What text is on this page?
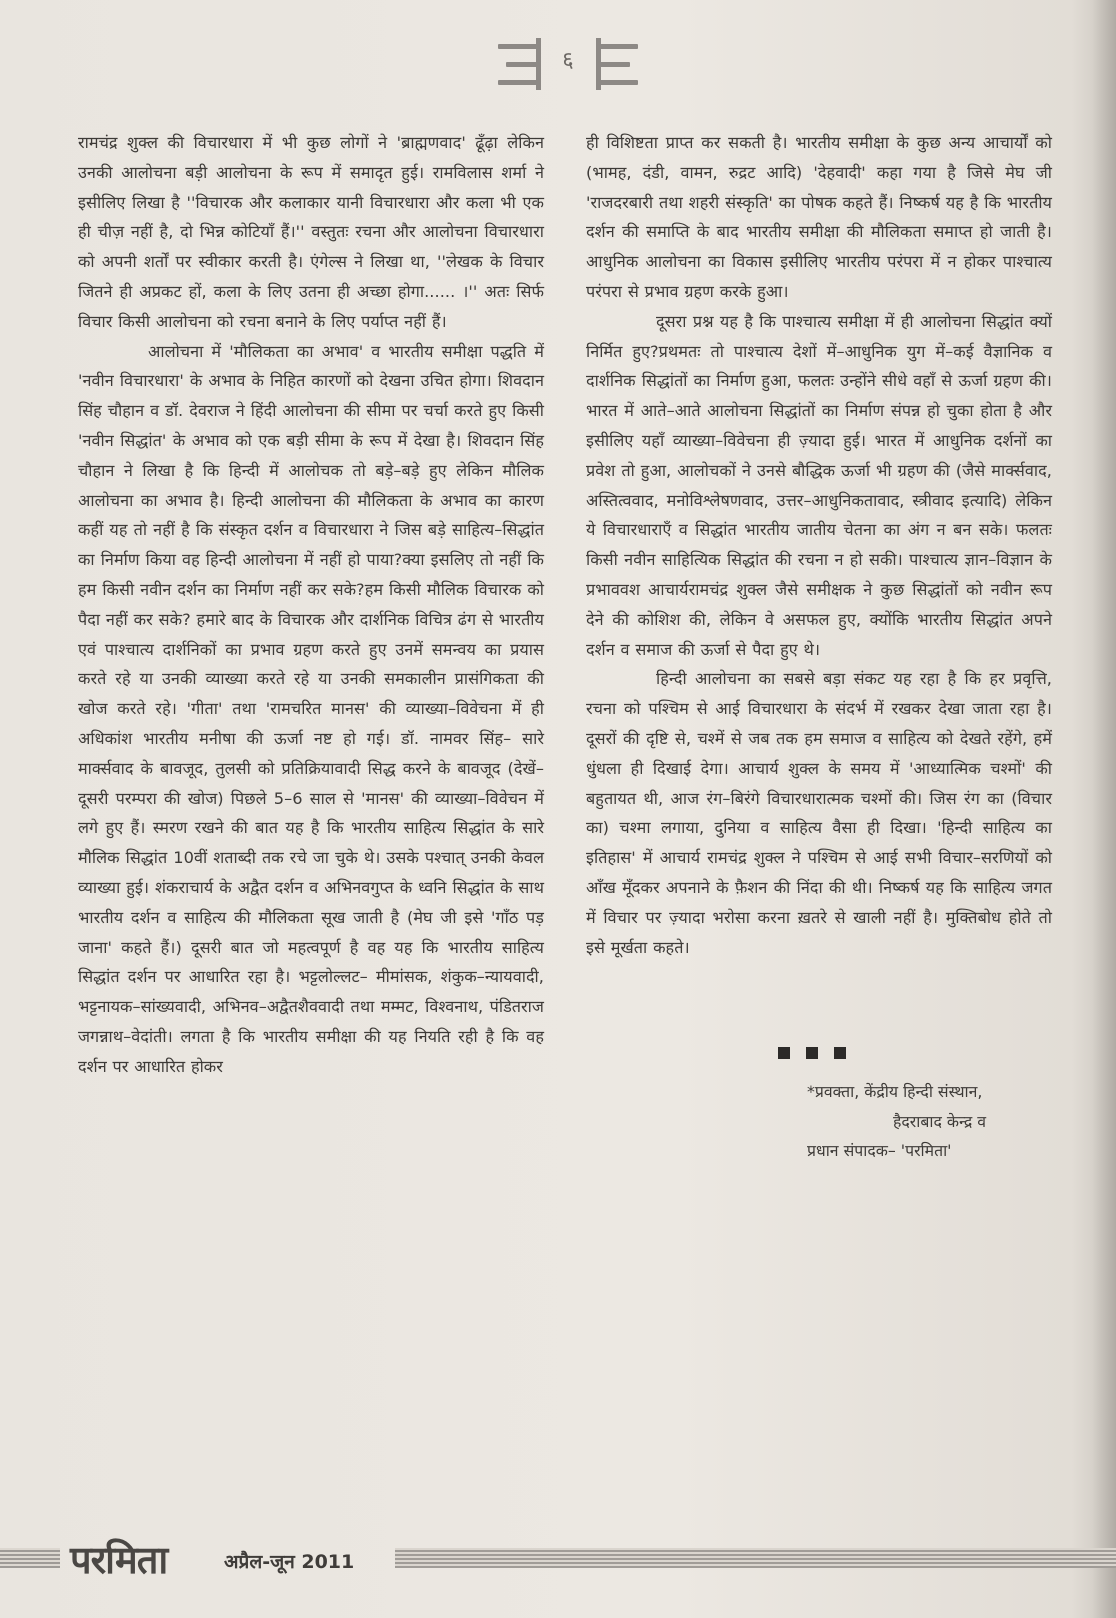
६

रामचंद्र शुक्ल की विचारधारा में भी कुछ लोगों ने 'ब्राह्मणवाद' ढूँढ़ा लेकिन उनकी आलोचना बड़ी आलोचना के रूप में समादृत हुई। रामविलास शर्मा ने इसीलिए लिखा है ''विचारक और कलाकार यानी विचारधारा और कला भी एक ही चीज़ नहीं है, दो भिन्न कोटियाँ हैं।'' वस्तुतः रचना और आलोचना विचारधारा को अपनी शर्तों पर स्वीकार करती है। एंगेल्स ने लिखा था, ''लेखक के विचार जितने ही अप्रकट हों, कला के लिए उतना ही अच्छा होगा...... ।'' अतः सिर्फ विचार किसी आलोचना को रचना बनाने के लिए पर्याप्त नहीं हैं।

आलोचना में 'मौलिकता का अभाव' व भारतीय समीक्षा पद्धति में 'नवीन विचारधारा' के अभाव के निहित कारणों को देखना उचित होगा। शिवदान सिंह चौहान व डॉ. देवराज ने हिंदी आलोचना की सीमा पर चर्चा करते हुए किसी 'नवीन सिद्धांत' के अभाव को एक बड़ी सीमा के रूप में देखा है। शिवदान सिंह चौहान ने लिखा है कि हिन्दी में आलोचक तो बड़े–बड़े हुए लेकिन मौलिक आलोचना का अभाव है। हिन्दी आलोचना की मौलिकता के अभाव का कारण कहीं यह तो नहीं है कि संस्कृत दर्शन व विचारधारा ने जिस बड़े साहित्य–सिद्धांत का निर्माण किया वह हिन्दी आलोचना में नहीं हो पाया?क्या इसलिए तो नहीं कि हम किसी नवीन दर्शन का निर्माण नहीं कर सके?हम किसी मौलिक विचारक को पैदा नहीं कर सके? हमारे बाद के विचारक और दार्शनिक विचित्र ढंग से भारतीय एवं पाश्चात्य दार्शनिकों का प्रभाव ग्रहण करते हुए उनमें समन्वय का प्रयास करते रहे या उनकी व्याख्या करते रहे या उनकी समकालीन प्रासंगिकता की खोज करते रहे। 'गीता' तथा 'रामचरित मानस' की व्याख्या–विवेचना में ही अधिकांश भारतीय मनीषा की ऊर्जा नष्ट हो गई। डॉ. नामवर सिंह– सारे मार्क्सवाद के बावजूद, तुलसी को प्रतिक्रियावादी सिद्ध करने के बावजूद (देखें– दूसरी परम्परा की खोज) पिछले 5–6 साल से 'मानस' की व्याख्या–विवेचन में लगे हुए हैं। स्मरण रखने की बात यह है कि भारतीय साहित्य सिद्धांत के सारे मौलिक सिद्धांत 10वीं शताब्दी तक रचे जा चुके थे। उसके पश्चात् उनकी केवल व्याख्या हुई। शंकराचार्य के अद्वैत दर्शन व अभिनवगुप्त के ध्वनि सिद्धांत के साथ भारतीय दर्शन व साहित्य की मौलिकता सूख जाती है (मेघ जी इसे 'गाँठ पड़ जाना' कहते हैं।) दूसरी बात जो महत्वपूर्ण है वह यह कि भारतीय साहित्य सिद्धांत दर्शन पर आधारित रहा है। भट्टलोल्लट– मीमांसक, शंकुक–न्यायवादी, भट्टनायक–सांख्यवादी, अभिनव–अद्वैतशैववादी तथा मम्मट, विश्वनाथ, पंडितराज जगन्नाथ–वेदांती। लगता है कि भारतीय समीक्षा की यह नियति रही है कि वह दर्शन पर आधारित होकर

ही विशिष्टता प्राप्त कर सकती है। भारतीय समीक्षा के कुछ अन्य आचार्यों को (भामह, दंडी, वामन, रुद्रट आदि) 'देहवादी' कहा गया है जिसे मेघ जी 'राजदरबारी तथा शहरी संस्कृति' का पोषक कहते हैं। निष्कर्ष यह है कि भारतीय दर्शन की समाप्ति के बाद भारतीय समीक्षा की मौलिकता समाप्त हो जाती है। आधुनिक आलोचना का विकास इसीलिए भारतीय परंपरा में न होकर पाश्चात्य परंपरा से प्रभाव ग्रहण करके हुआ।

दूसरा प्रश्न यह है कि पाश्चात्य समीक्षा में ही आलोचना सिद्धांत क्यों निर्मित हुए?प्रथमतः तो पाश्चात्य देशों में–आधुनिक युग में–कई वैज्ञानिक व दार्शनिक सिद्धांतों का निर्माण हुआ, फलतः उन्होंने सीधे वहाँ से ऊर्जा ग्रहण की। भारत में आते–आते आलोचना सिद्धांतों का निर्माण संपन्न हो चुका होता है और इसीलिए यहाँ व्याख्या–विवेचना ही ज़्यादा हुई। भारत में आधुनिक दर्शनों का प्रवेश तो हुआ, आलोचकों ने उनसे बौद्धिक ऊर्जा भी ग्रहण की (जैसे मार्क्सवाद, अस्तित्ववाद, मनोविश्लेषणवाद, उत्तर–आधुनिकतावाद, स्त्रीवाद इत्यादि) लेकिन ये विचारधाराएँ व सिद्धांत भारतीय जातीय चेतना का अंग न बन सके। फलतः किसी नवीन साहित्यिक सिद्धांत की रचना न हो सकी। पाश्चात्य ज्ञान–विज्ञान के प्रभाववश आचार्यरामचंद्र शुक्ल जैसे समीक्षक ने कुछ सिद्धांतों को नवीन रूप देने की कोशिश की, लेकिन वे असफल हुए, क्योंकि भारतीय सिद्धांत अपने दर्शन व समाज की ऊर्जा से पैदा हुए थे।

हिन्दी आलोचना का सबसे बड़ा संकट यह रहा है कि हर प्रवृत्ति, रचना को पश्चिम से आई विचारधारा के संदर्भ में रखकर देखा जाता रहा है। दूसरों की दृष्टि से, चश्में से जब तक हम समाज व साहित्य को देखते रहेंगे, हमें धुंधला ही दिखाई देगा। आचार्य शुक्ल के समय में 'आध्यात्मिक चश्मों' की बहुतायत थी, आज रंग–बिरंगे विचारधारात्मक चश्मों की। जिस रंग का (विचार का) चश्मा लगाया, दुनिया व साहित्य वैसा ही दिखा। 'हिन्दी साहित्य का इतिहास' में आचार्य रामचंद्र शुक्ल ने पश्चिम से आई सभी विचार–सरणियों को आँख मूँदकर अपनाने के फ़ैशन की निंदा की थी। निष्कर्ष यह कि साहित्य जगत में विचार पर ज़्यादा भरोसा करना ख़तरे से खाली नहीं है। मुक्तिबोध होते तो इसे मूर्खता कहते।

*प्रवक्ता, केंद्रीय हिन्दी संस्थान,
हैदराबाद केन्द्र व
प्रधान संपादक– 'परमिता'
परमिता	अप्रैल-जून 2011
